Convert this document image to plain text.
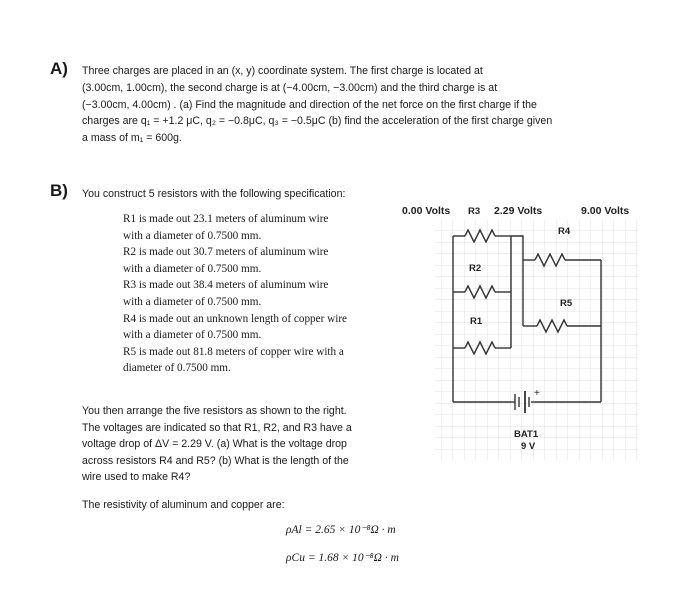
A) Three charges are placed in an (x, y) coordinate system. The first charge is located at
(3.00cm, 1.00cm), the second charge is at (−4.00cm, −3.00cm) and the third charge is at
(−3.00cm, 4.00cm) . (a) Find the magnitude and direction of the net force on the first charge if the
charges are q₁ = +1.2 μC, q₂ = −0.8μC, q₃ = −0.5μC (b) find the acceleration of the first charge given
a mass of m₁ = 600g.
B) You construct 5 resistors with the following specification:
R1 is made out 23.1 meters of aluminum wire
with a diameter of 0.7500 mm.
R2 is made out 30.7 meters of aluminum wire
with a diameter of 0.7500 mm.
R3 is made out 38.4 meters of aluminum wire
with a diameter of 0.7500 mm.
R4 is made out an unknown length of copper wire
with a diameter of 0.7500 mm.
R5 is made out 81.8 meters of copper wire with a
diameter of 0.7500 mm.
You then arrange the five resistors as shown to the right.
The voltages are indicated so that R1, R2, and R3 have a
voltage drop of ΔV = 2.29 V. (a) What is the voltage drop
across resistors R4 and R5? (b) What is the length of the
wire used to make R4?
The resistivity of aluminum and copper are:
ρAl = 2.65 × 10⁻⁸Ω · m
ρCu = 1.68 × 10⁻⁸Ω · m
0.00 Volts R3 2.29 Volts	9.00 Volts
+
R4
R2
R5
R1
BAT1
9 V
